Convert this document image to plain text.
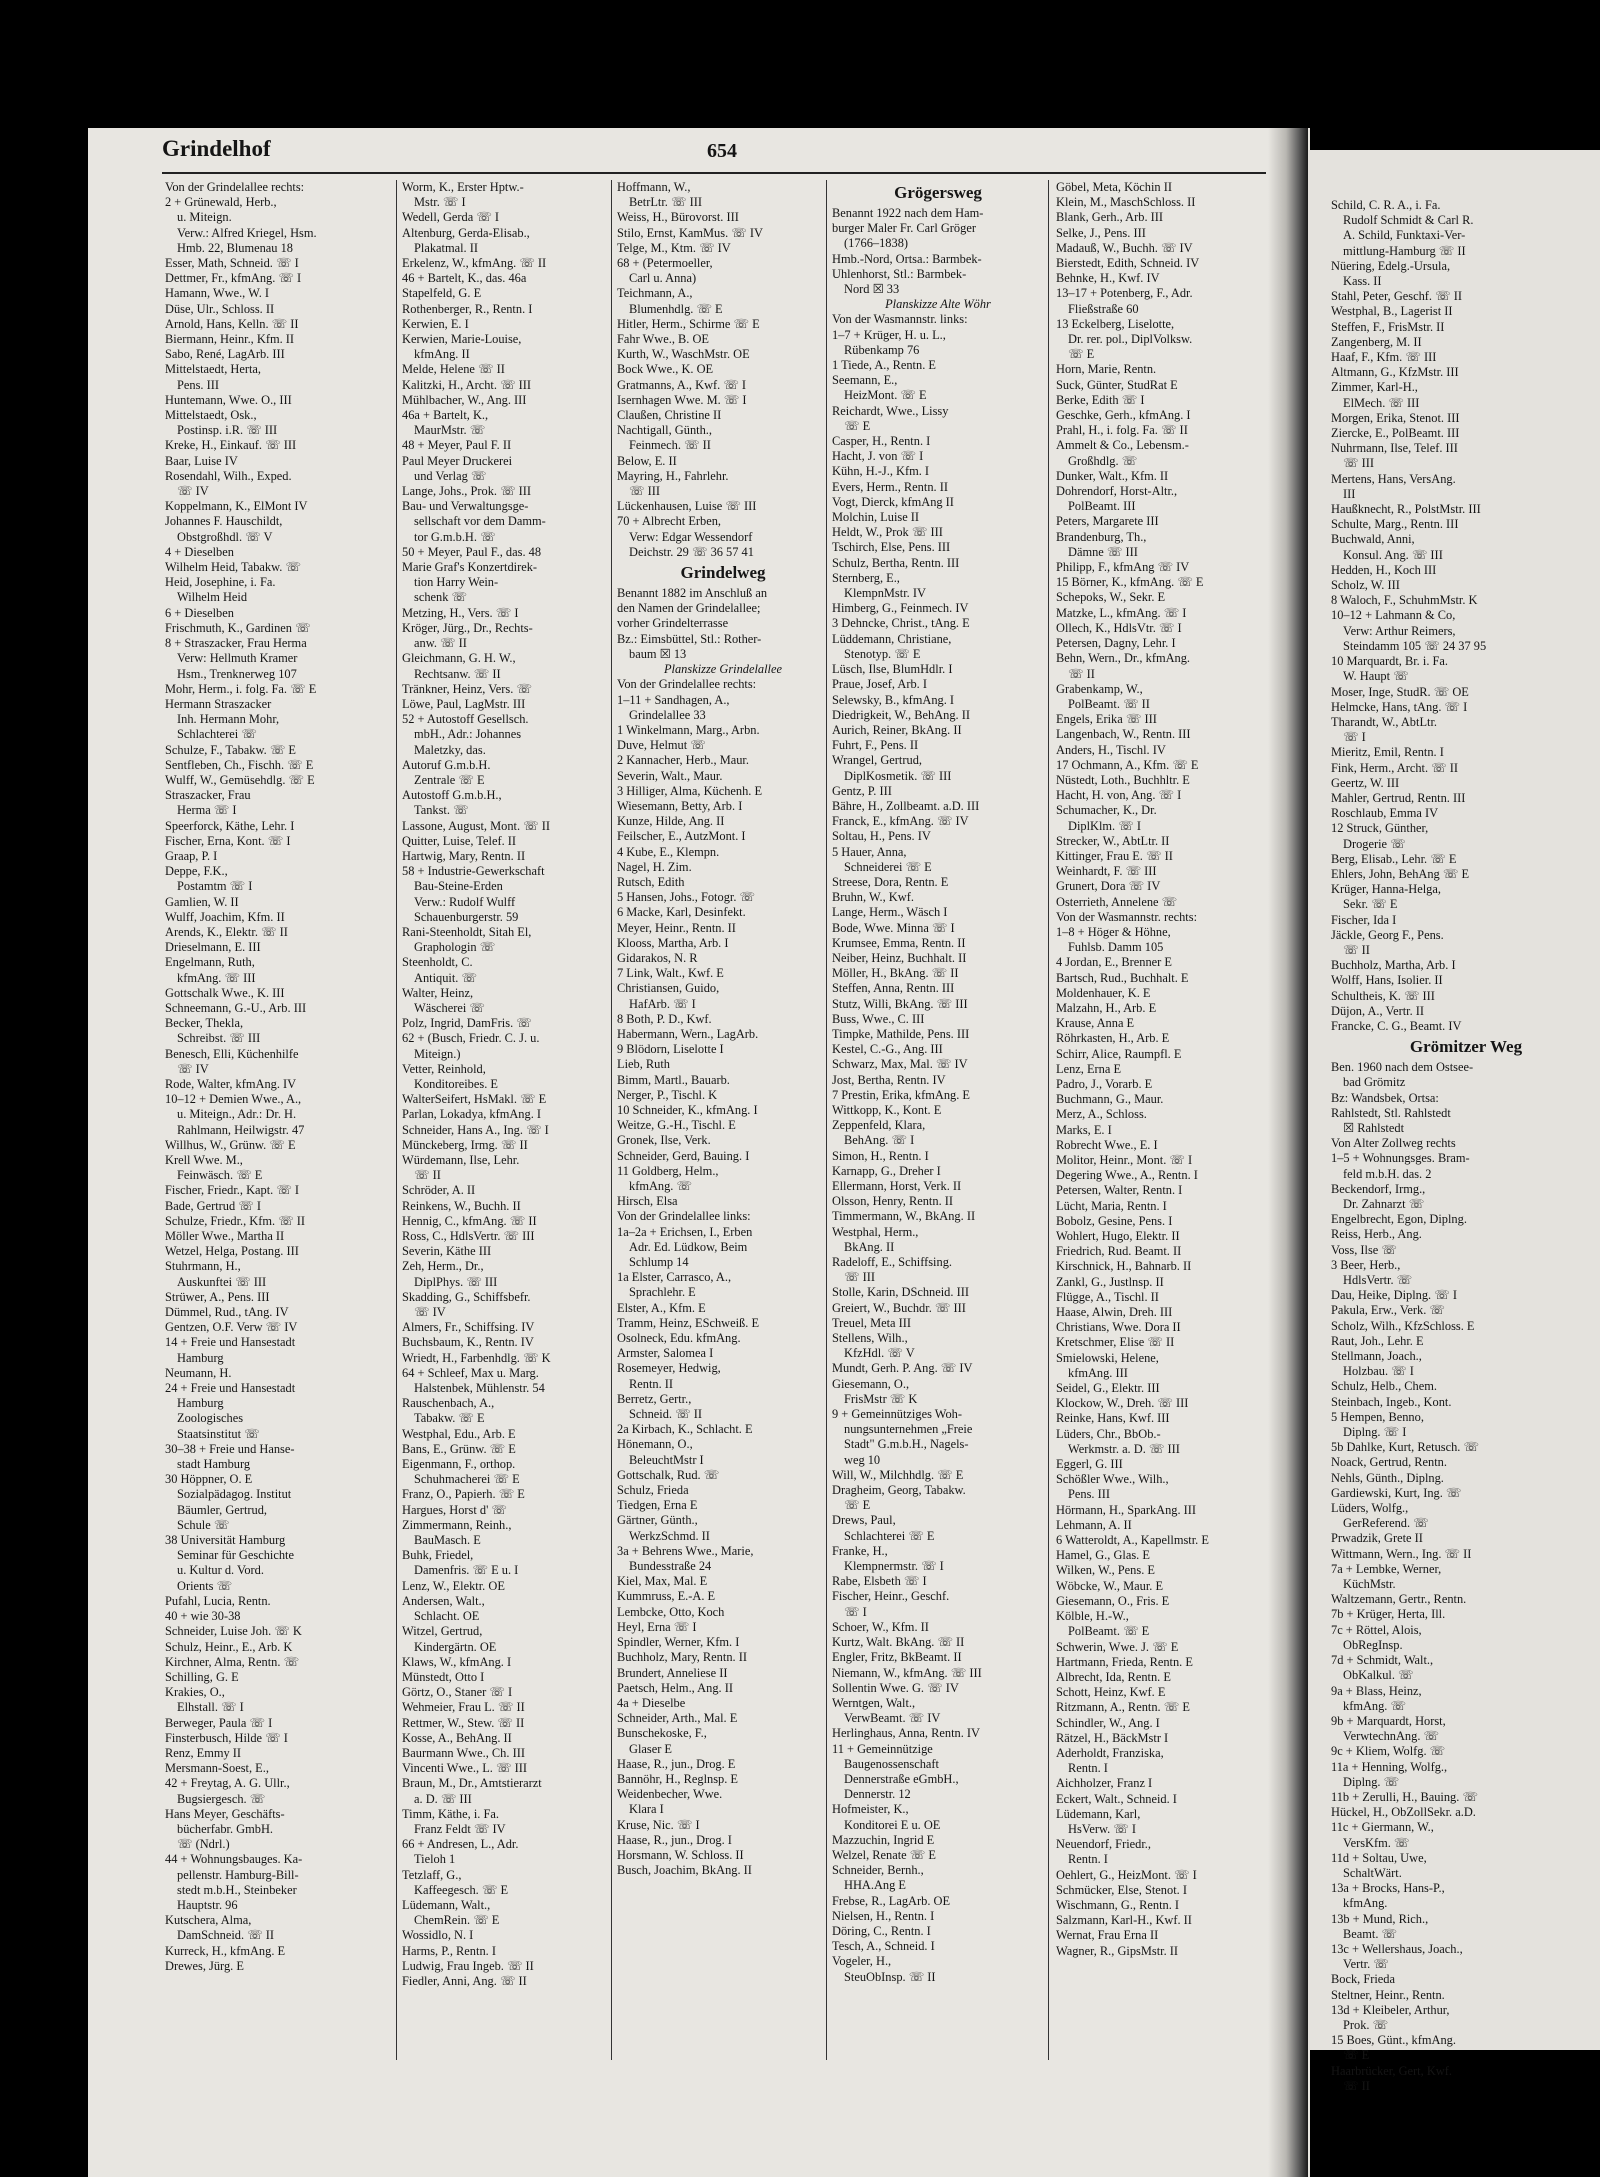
Grindelhof	654
Von der Grindelallee rechts:
2 + Grünewald, Herb.,
u. Miteign.
Verw.: Alfred Kriegel, Hsm.
Hmb. 22, Blumenau 18
Esser, Math, Schneid. ☏ I
Dettmer, Fr., kfmAng. ☏ I
Hamann, Wwe., W. I
Düse, Ulr., Schloss. II
Arnold, Hans, Kelln. ☏ II
Biermann, Heinr., Kfm. II
Sabo, René, LagArb. III
Mittelstaedt, Herta,
Pens. III
Huntemann, Wwe. O., III
Mittelstaedt, Osk.,
Postinsp. i.R. ☏ III
Kreke, H., Einkauf. ☏ III
Baar, Luise IV
Rosendahl, Wilh., Exped.
☏ IV
Koppelmann, K., ElMont IV
Johannes F. Hauschildt,
Obstgroßhdl. ☏ V
4 + Dieselben
Wilhelm Heid, Tabakw. ☏
Heid, Josephine, i. Fa.
Wilhelm Heid
6 + Dieselben
Frischmuth, K., Gardinen ☏
8 + Straszacker, Frau Herma
Verw: Hellmuth Kramer
Hsm., Trenknerweg 107
Mohr, Herm., i. folg. Fa. ☏ E
Hermann Straszacker
Inh. Hermann Mohr,
Schlachterei ☏
Schulze, F., Tabakw. ☏ E
Sentfleben, Ch., Fischh. ☏ E
Wulff, W., Gemüsehdlg. ☏ E
Straszacker, Frau
Herma ☏ I
Speerforck, Käthe, Lehr. I
Fischer, Erna, Kont. ☏ I
Graap, P. I
Deppe, F.K.,
Postamtm ☏ I
Gamlien, W. II
Wulff, Joachim, Kfm. II
Arends, K., Elektr. ☏ II
Drieselmann, E. III
Engelmann, Ruth,
kfmAng. ☏ III
Gottschalk Wwe., K. III
Schneemann, G.-U., Arb. III
Becker, Thekla,
Schreibst. ☏ III
Benesch, Elli, Küchenhilfe
☏ IV
Rode, Walter, kfmAng. IV
10–12 + Demien Wwe., A.,
u. Miteign., Adr.: Dr. H.
Rahlmann, Heilwigstr. 47
Willhus, W., Grünw. ☏ E
Krell Wwe. M.,
Feinwäsch. ☏ E
Fischer, Friedr., Kapt. ☏ I
Bade, Gertrud ☏ I
Schulze, Friedr., Kfm. ☏ II
Möller Wwe., Martha II
Wetzel, Helga, Postang. III
Stuhrmann, H.,
Auskunftei ☏ III
Strüwer, A., Pens. III
Dümmel, Rud., tAng. IV
Gentzen, O.F. Verw ☏ IV
14 + Freie und Hansestadt
Hamburg
Neumann, H.
24 + Freie und Hansestadt
Hamburg
Zoologisches
Staatsinstitut ☏
30–38 + Freie und Hanse-
stadt Hamburg
30 Höppner, O. E
Sozialpädagog. Institut
Bäumler, Gertrud,
Schule ☏
38 Universität Hamburg
Seminar für Geschichte
u. Kultur d. Vord.
Orients ☏
Pufahl, Lucia, Rentn.
40 + wie 30-38
Schneider, Luise Joh. ☏ K
Schulz, Heinr., E., Arb. K
Kirchner, Alma, Rentn. ☏
Schilling, G. E
Krakies, O.,
Elhstall. ☏ I
Berweger, Paula ☏ I
Finsterbusch, Hilde ☏ I
Renz, Emmy II
Mersmann-Soest, E.,
42 + Freytag, A. G. Ullr.,
Bugsiergesch. ☏
Hans Meyer, Geschäfts-
bücherfabr. GmbH.
☏ (Ndrl.)
44 + Wohnungsbauges. Ka-
pellenstr. Hamburg-Bill-
stedt m.b.H., Steinbeker
Hauptstr. 96
Kutschera, Alma,
DamSchneid. ☏ II
Kurreck, H., kfmAng. E
Drewes, Jürg. E
Worm, K., Erster Hptw.-
Mstr. ☏ I
Wedell, Gerda ☏ I
Altenburg, Gerda-Elisab.,
Plakatmal. II
Erkelenz, W., kfmAng. ☏ II
46 + Bartelt, K., das. 46a
Stapelfeld, G. E
Rothenberger, R., Rentn. I
Kerwien, E. I
Kerwien, Marie-Louise,
kfmAng. II
Melde, Helene ☏ II
Kalitzki, H., Archt. ☏ III
Mühlbacher, W., Ang. III
46a + Bartelt, K.,
MaurMstr. ☏
48 + Meyer, Paul F. II
Paul Meyer Druckerei
und Verlag ☏
Lange, Johs., Prok. ☏ III
Bau- und Verwaltungsge-
sellschaft vor dem Damm-
tor G.m.b.H. ☏
50 + Meyer, Paul F., das. 48
Marie Graf's Konzertdirek-
tion Harry Wein-
schenk ☏
Metzing, H., Vers. ☏ I
Kröger, Jürg., Dr., Rechts-
anw. ☏ II
Gleichmann, G. H. W.,
Rechtsanw. ☏ II
Tränkner, Heinz, Vers. ☏
Löwe, Paul, LagMstr. III
52 + Autostoff Gesellsch.
mbH., Adr.: Johannes
Maletzky, das.
Autoruf G.m.b.H.
Zentrale ☏ E
Autostoff G.m.b.H.,
Tankst. ☏
Lassone, August, Mont. ☏ II
Quitter, Luise, Telef. II
Hartwig, Mary, Rentn. II
58 + Industrie-Gewerkschaft
Bau-Steine-Erden
Verw.: Rudolf Wulff
Schauenburgerstr. 59
Rani-Steenholdt, Sitah El,
Graphologin ☏
Steenholdt, C.
Antiquit. ☏
Walter, Heinz,
Wäscherei ☏
Polz, Ingrid, DamFris. ☏
62 + (Busch, Friedr. C. J. u.
Miteign.)
Vetter, Reinhold,
Konditoreibes. E
WalterSeifert, HsMakl. ☏ E
Parlan, Lokadya, kfmAng. I
Schneider, Hans A., Ing. ☏ I
Münckeberg, Irmg. ☏ II
Würdemann, Ilse, Lehr.
☏ II
Schröder, A. II
Reinkens, W., Buchh. II
Hennig, C., kfmAng. ☏ II
Ross, C., HdlsVertr. ☏ III
Severin, Käthe III
Zeh, Herm., Dr.,
DiplPhys. ☏ III
Skadding, G., Schiffsbefr.
☏ IV
Almers, Fr., Schiffsing. IV
Buchsbaum, K., Rentn. IV
Wriedt, H., Farbenhdlg. ☏ K
64 + Schleef, Max u. Marg.
Halstenbek, Mühlenstr. 54
Rauschenbach, A.,
Tabakw. ☏ E
Westphal, Edu., Arb. E
Bans, E., Grünw. ☏ E
Eigenmann, F., orthop.
Schuhmacherei ☏ E
Franz, O., Papierh. ☏ E
Hargues, Horst d' ☏
Zimmermann, Reinh.,
BauMasch. E
Buhk, Friedel,
Damenfris. ☏ E u. I
Lenz, W., Elektr. OE
Andersen, Walt.,
Schlacht. OE
Witzel, Gertrud,
Kindergärtn. OE
Klaws, W., kfmAng. I
Münstedt, Otto I
Görtz, O., Staner ☏ I
Wehmeier, Frau L. ☏ II
Rettmer, W., Stew. ☏ II
Kosse, A., BehAng. II
Baurmann Wwe., Ch. III
Vincenti Wwe., L. ☏ III
Braun, M., Dr., Amtstierarzt
a. D. ☏ III
Timm, Käthe, i. Fa.
Franz Feldt ☏ IV
66 + Andresen, L., Adr.
Tieloh 1
Tetzlaff, G.,
Kaffeegesch. ☏ E
Lüdemann, Walt.,
ChemRein. ☏ E
Wossidlo, N. I
Harms, P., Rentn. I
Ludwig, Frau Ingeb. ☏ II
Fiedler, Anni, Ang. ☏ II
Hoffmann, W.,
BetrLtr. ☏ III
Weiss, H., Bürovorst. III
Stilo, Ernst, KamMus. ☏ IV
Telge, M., Ktm. ☏ IV
68 + (Petermoeller,
Carl u. Anna)
Teichmann, A.,
Blumenhdlg. ☏ E
Hitler, Herm., Schirme ☏ E
Fahr Wwe., B. OE
Kurth, W., WaschMstr. OE
Bock Wwe., K. OE
Gratmanns, A., Kwf. ☏ I
Isernhagen Wwe. M. ☏ I
Claußen, Christine II
Nachtigall, Günth.,
Feinmech. ☏ II
Below, E. II
Mayring, H., Fahrlehr.
☏ III
Lückenhausen, Luise ☏ III
70 + Albrecht Erben,
Verw: Edgar Wessendorf
Deichstr. 29 ☏ 36 57 41
Grindelweg
Benannt 1882 im Anschluß an
den Namen der Grindelallee;
vorher Grindelterrasse
Bz.: Eimsbüttel, Stl.: Rother-
baum ☒ 13
Planskizze Grindelallee
Von der Grindelallee rechts:
1–11 + Sandhagen, A.,
Grindelallee 33
1 Winkelmann, Marg., Arbn.
Duve, Helmut ☏
2 Kannacher, Herb., Maur.
Severin, Walt., Maur.
3 Hilliger, Alma, Küchenh. E
Wiesemann, Betty, Arb. I
Kunze, Hilde, Ang. II
Feilscher, E., AutzMont. I
4 Kube, E., Klempn.
Nagel, H. Zim.
Rutsch, Edith
5 Hansen, Johs., Fotogr. ☏
6 Macke, Karl, Desinfekt.
Meyer, Heinr., Rentn. II
Klooss, Martha, Arb. I
Gidarakos, N. R
7 Link, Walt., Kwf. E
Christiansen, Guido,
HafArb. ☏ I
8 Both, P. D., Kwf.
Habermann, Wern., LagArb.
9 Blödorn, Liselotte I
Lieb, Ruth
Bimm, Martl., Bauarb.
Nerger, P., Tischl. K
10 Schneider, K., kfmAng. I
Weitze, G.-H., Tischl. E
Gronek, Ilse, Verk.
Schneider, Gerd, Bauing. I
11 Goldberg, Helm.,
kfmAng. ☏
Hirsch, Elsa
Von der Grindelallee links:
1a–2a + Erichsen, I., Erben
Adr. Ed. Lüdkow, Beim
Schlump 14
1a Elster, Carrasco, A.,
Sprachlehr. E
Elster, A., Kfm. E
Tramm, Heinz, ESchweiß. E
Osolneck, Edu. kfmAng.
Armster, Salomea I
Rosemeyer, Hedwig,
Rentn. II
Berretz, Gertr.,
Schneid. ☏ II
2a Kirbach, K., Schlacht. E
Hönemann, O.,
BeleuchtMstr I
Gottschalk, Rud. ☏
Schulz, Frieda
Tiedgen, Erna E
Gärtner, Günth.,
WerkzSchmd. II
3a + Behrens Wwe., Marie,
Bundesstraße 24
Kiel, Max, Mal. E
Kummruss, E.-A. E
Lembcke, Otto, Koch
Heyl, Erna ☏ I
Spindler, Werner, Kfm. I
Buchholz, Mary, Rentn. II
Brundert, Anneliese II
Paetsch, Helm., Ang. II
4a + Dieselbe
Schneider, Arth., Mal. E
Bunschekoske, F.,
Glaser E
Haase, R., jun., Drog. E
Bannöhr, H., Reglnsp. E
Weidenbecher, Wwe.
Klara I
Kruse, Nic. ☏ I
Haase, R., jun., Drog. I
Horsmann, W. Schloss. II
Busch, Joachim, BkAng. II
Grögersweg
Benannt 1922 nach dem Ham-
burger Maler Fr. Carl Gröger
(1766–1838)
Hmb.-Nord, Ortsa.: Barmbek-
Uhlenhorst, Stl.: Barmbek-
Nord ☒ 33
Planskizze Alte Wöhr
Von der Wasmannstr. links:
1–7 + Krüger, H. u. L.,
Rübenkamp 76
1 Tiede, A., Rentn. E
Seemann, E.,
HeizMont. ☏ E
Reichardt, Wwe., Lissy
☏ E
Casper, H., Rentn. I
Hacht, J. von ☏ I
Kühn, H.-J., Kfm. I
Evers, Herm., Rentn. II
Vogt, Dierck, kfmAng II
Molchin, Luise II
Heldt, W., Prok ☏ III
Tschirch, Else, Pens. III
Schulz, Bertha, Rentn. III
Sternberg, E.,
KlempnMstr. IV
Himberg, G., Feinmech. IV
3 Dehncke, Christ., tAng. E
Lüddemann, Christiane,
Stenotyp. ☏ E
Lüsch, Ilse, BlumHdlr. I
Praue, Josef, Arb. I
Selewsky, B., kfmAng. I
Diedrigkeit, W., BehAng. II
Aurich, Reiner, BkAng. II
Fuhrt, F., Pens. II
Wrangel, Gertrud,
DiplKosmetik. ☏ III
Gentz, P. III
Bähre, H., Zollbeamt. a.D. III
Franck, E., kfmAng. ☏ IV
Soltau, H., Pens. IV
5 Hauer, Anna,
Schneiderei ☏ E
Streese, Dora, Rentn. E
Bruhn, W., Kwf.
Lange, Herm., Wäsch I
Bode, Wwe. Minna ☏ I
Krumsee, Emma, Rentn. II
Neiber, Heinz, Buchhalt. II
Möller, H., BkAng. ☏ II
Steffen, Anna, Rentn. III
Stutz, Willi, BkAng. ☏ III
Buss, Wwe., C. III
Timpke, Mathilde, Pens. III
Kestel, C.-G., Ang. III
Schwarz, Max, Mal. ☏ IV
Jost, Bertha, Rentn. IV
7 Prestin, Erika, kfmAng. E
Wittkopp, K., Kont. E
Zeppenfeld, Klara,
BehAng. ☏ I
Simon, H., Rentn. I
Karnapp, G., Dreher I
Ellermann, Horst, Verk. II
Olsson, Henry, Rentn. II
Timmermann, W., BkAng. II
Westphal, Herm.,
BkAng. II
Radeloff, E., Schiffsing.
☏ III
Stolle, Karin, DSchneid. III
Greiert, W., Buchdr. ☏ III
Treuel, Meta III
Stellens, Wilh.,
KfzHdl. ☏ V
Mundt, Gerh. P. Ang. ☏ IV
Giesemann, O.,
FrisMstr ☏ K
9 + Gemeinnütziges Woh-
nungsunternehmen „Freie
Stadt" G.m.b.H., Nagels-
weg 10
Will, W., Milchhdlg. ☏ E
Dragheim, Georg, Tabakw.
☏ E
Drews, Paul,
Schlachterei ☏ E
Franke, H.,
Klempnermstr. ☏ I
Rabe, Elsbeth ☏ I
Fischer, Heinr., Geschf.
☏ I
Schoer, W., Kfm. II
Kurtz, Walt. BkAng. ☏ II
Engler, Fritz, BkBeamt. II
Niemann, W., kfmAng. ☏ III
Sollentin Wwe. G. ☏ IV
Werntgen, Walt.,
VerwBeamt. ☏ IV
Herlinghaus, Anna, Rentn. IV
11 + Gemeinnützige
Baugenossenschaft
Dennerstraße eGmbH.,
Dennerstr. 12
Hofmeister, K.,
Konditorei E u. OE
Mazzuchin, Ingrid E
Welzel, Renate ☏ E
Schneider, Bernh.,
HHA.Ang E
Frebse, R., LagArb. OE
Nielsen, H., Rentn. I
Döring, C., Rentn. I
Tesch, A., Schneid. I
Vogeler, H.,
SteuObInsp. ☏ II
Göbel, Meta, Köchin II
Klein, M., MaschSchloss. II
Blank, Gerh., Arb. III
Selke, J., Pens. III
Madauß, W., Buchh. ☏ IV
Bierstedt, Edith, Schneid. IV
Behnke, H., Kwf. IV
13–17 + Potenberg, F., Adr.
Fließstraße 60
13 Eckelberg, Liselotte,
Dr. rer. pol., DiplVolksw.
☏ E
Horn, Marie, Rentn.
Suck, Günter, StudRat E
Berke, Edith ☏ I
Geschke, Gerh., kfmAng. I
Prahl, H., i. folg. Fa. ☏ II
Ammelt & Co., Lebensm.-
Großhdlg. ☏
Dunker, Walt., Kfm. II
Dohrendorf, Horst-Altr.,
PolBeamt. III
Peters, Margarete III
Brandenburg, Th.,
Dämne ☏ III
Philipp, F., kfmAng ☏ IV
15 Börner, K., kfmAng. ☏ E
Schepoks, W., Sekr. E
Matzke, L., kfmAng. ☏ I
Ollech, K., HdlsVtr. ☏ I
Petersen, Dagny, Lehr. I
Behn, Wern., Dr., kfmAng.
☏ II
Grabenkamp, W.,
PolBeamt. ☏ II
Engels, Erika ☏ III
Langenbach, W., Rentn. III
Anders, H., Tischl. IV
17 Ochmann, A., Kfm. ☏ E
Nüstedt, Loth., Buchhltr. E
Hacht, H. von, Ang. ☏ I
Schumacher, K., Dr.
DiplKlm. ☏ I
Strecker, W., AbtLtr. II
Kittinger, Frau E. ☏ II
Weinhardt, F. ☏ III
Grunert, Dora ☏ IV
Osterrieth, Annelene ☏
Von der Wasmannstr. rechts:
1–8 + Höger & Höhne,
Fuhlsb. Damm 105
4 Jordan, E., Brenner E
Bartsch, Rud., Buchhalt. E
Moldenhauer, K. E
Malzahn, H., Arb. E
Krause, Anna E
Röhrkasten, H., Arb. E
Schirr, Alice, Raumpfl. E
Lenz, Erna E
Padro, J., Vorarb. E
Buchmann, G., Maur.
Merz, A., Schloss.
Marks, E. I
Robrecht Wwe., E. I
Molitor, Heinr., Mont. ☏ I
Degering Wwe., A., Rentn. I
Petersen, Walter, Rentn. I
Lücht, Maria, Rentn. I
Bobolz, Gesine, Pens. I
Wohlert, Hugo, Elektr. II
Friedrich, Rud. Beamt. II
Kirschnick, H., Bahnarb. II
Zankl, G., Justlnsp. II
Flügge, A., Tischl. II
Haase, Alwin, Dreh. III
Christians, Wwe. Dora II
Kretschmer, Elise ☏ II
Smielowski, Helene,
kfmAng. III
Seidel, G., Elektr. III
Klockow, W., Dreh. ☏ III
Reinke, Hans, Kwf. III
Lüders, Chr., BbOb.-
Werkmstr. a. D. ☏ III
Eggerl, G. III
Schößler Wwe., Wilh.,
Pens. III
Hörmann, H., SparkAng. III
Lehmann, A. II
6 Watteroldt, A., Kapellmstr. E
Hamel, G., Glas. E
Wilken, W., Pens. E
Wöbcke, W., Maur. E
Giesemann, O., Fris. E
Kölble, H.-W.,
PolBeamt. ☏ E
Schwerin, Wwe. J. ☏ E
Hartmann, Frieda, Rentn. E
Albrecht, Ida, Rentn. E
Schott, Heinz, Kwf. E
Ritzmann, A., Rentn. ☏ E
Schindler, W., Ang. I
Rätzel, H., BäckMstr I
Aderholdt, Franziska,
Rentn. I
Aichholzer, Franz I
Eckert, Walt., Schneid. I
Lüdemann, Karl,
HsVerw. ☏ I
Neuendorf, Friedr.,
Rentn. I
Oehlert, G., HeizMont. ☏ I
Schmücker, Else, Stenot. I
Wischmann, G., Rentn. I
Salzmann, Karl-H., Kwf. II
Wernat, Frau Erna II
Wagner, R., GipsMstr. II
Schild, C. R. A., i. Fa.
Rudolf Schmidt & Carl R.
A. Schild, Funktaxi-Ver-
mittlung-Hamburg ☏ II
Nüering, Edelg.-Ursula,
Kass. II
Stahl, Peter, Geschf. ☏ II
Westphal, B., Lagerist II
Steffen, F., FrisMstr. II
Zangenberg, M. II
Haaf, F., Kfm. ☏ III
Altmann, G., KfzMstr. III
Zimmer, Karl-H.,
ElMech. ☏ III
Morgen, Erika, Stenot. III
Ziercke, E., PolBeamt. III
Nuhrmann, Ilse, Telef. III
☏ III
Mertens, Hans, VersAng.
III
Haußknecht, R., PolstMstr. III
Schulte, Marg., Rentn. III
Buchwald, Anni,
Konsul. Ang. ☏ III
Hedden, H., Koch III
Scholz, W. III
8 Waloch, F., SchuhmMstr. K
10–12 + Lahmann & Co,
Verw: Arthur Reimers,
Steindamm 105 ☏ 24 37 95
10 Marquardt, Br. i. Fa.
W. Haupt ☏
Moser, Inge, StudR. ☏ OE
Helmcke, Hans, tAng. ☏ I
Tharandt, W., AbtLtr.
☏ I
Mieritz, Emil, Rentn. I
Fink, Herm., Archt. ☏ II
Geertz, W. III
Mahler, Gertrud, Rentn. III
Roschlaub, Emma IV
12 Struck, Günther,
Drogerie ☏
Berg, Elisab., Lehr. ☏ E
Ehlers, John, BehAng ☏ E
Krüger, Hanna-Helga,
Sekr. ☏ E
Fischer, Ida I
Jäckle, Georg F., Pens.
☏ II
Buchholz, Martha, Arb. I
Wolff, Hans, Isolier. II
Schultheis, K. ☏ III
Düjon, A., Vertr. II
Francke, C. G., Beamt. IV
Grömitzer Weg
Ben. 1960 nach dem Ostsee-
bad Grömitz
Bz: Wandsbek, Ortsa:
Rahlstedt, Stl. Rahlstedt
☒ Rahlstedt
Von Alter Zollweg rechts
1–5 + Wohnungsges. Bram-
feld m.b.H. das. 2
Beckendorf, Irmg.,
Dr. Zahnarzt ☏
Engelbrecht, Egon, Diplng.
Reiss, Herb., Ang.
Voss, Ilse ☏
3 Beer, Herb.,
HdlsVertr. ☏
Dau, Heike, Diplng. ☏ I
Pakula, Erw., Verk. ☏
Scholz, Wilh., KfzSchloss. E
Raut, Joh., Lehr. E
Stellmann, Joach.,
Holzbau. ☏ I
Schulz, Helb., Chem.
Steinbach, Ingeb., Kont.
5 Hempen, Benno,
Diplng. ☏ I
5b Dahlke, Kurt, Retusch. ☏
Noack, Gertrud, Rentn.
Nehls, Günth., Diplng.
Gardiewski, Kurt, Ing. ☏
Lüders, Wolfg.,
GerReferend. ☏
Prwadzik, Grete II
Wittmann, Wern., Ing. ☏ II
7a + Lembke, Werner,
KüchMstr.
Waltzemann, Gertr., Rentn.
7b + Krüger, Herta, Ill.
7c + Röttel, Alois,
ObRegInsp.
7d + Schmidt, Walt.,
ObKalkul. ☏
9a + Blass, Heinz,
kfmAng. ☏
9b + Marquardt, Horst,
VerwtechnAng. ☏
9c + Kliem, Wolfg. ☏
11a + Henning, Wolfg.,
Diplng. ☏
11b + Zerulli, H., Bauing. ☏
Hückel, H., ObZollSekr. a.D.
11c + Giermann, W.,
VersKfm. ☏
11d + Soltau, Uwe,
SchaltWärt.
13a + Brocks, Hans-P.,
kfmAng.
13b + Mund, Rich.,
Beamt. ☏
13c + Wellershaus, Joach.,
Vertr. ☏
Bock, Frieda
Steltner, Heinr., Rentn.
13d + Kleibeler, Arthur,
Prok. ☏
15 Boes, Günt., kfmAng.
☏ E
Haarbrücker, Gert, Kwf.
☏ II
